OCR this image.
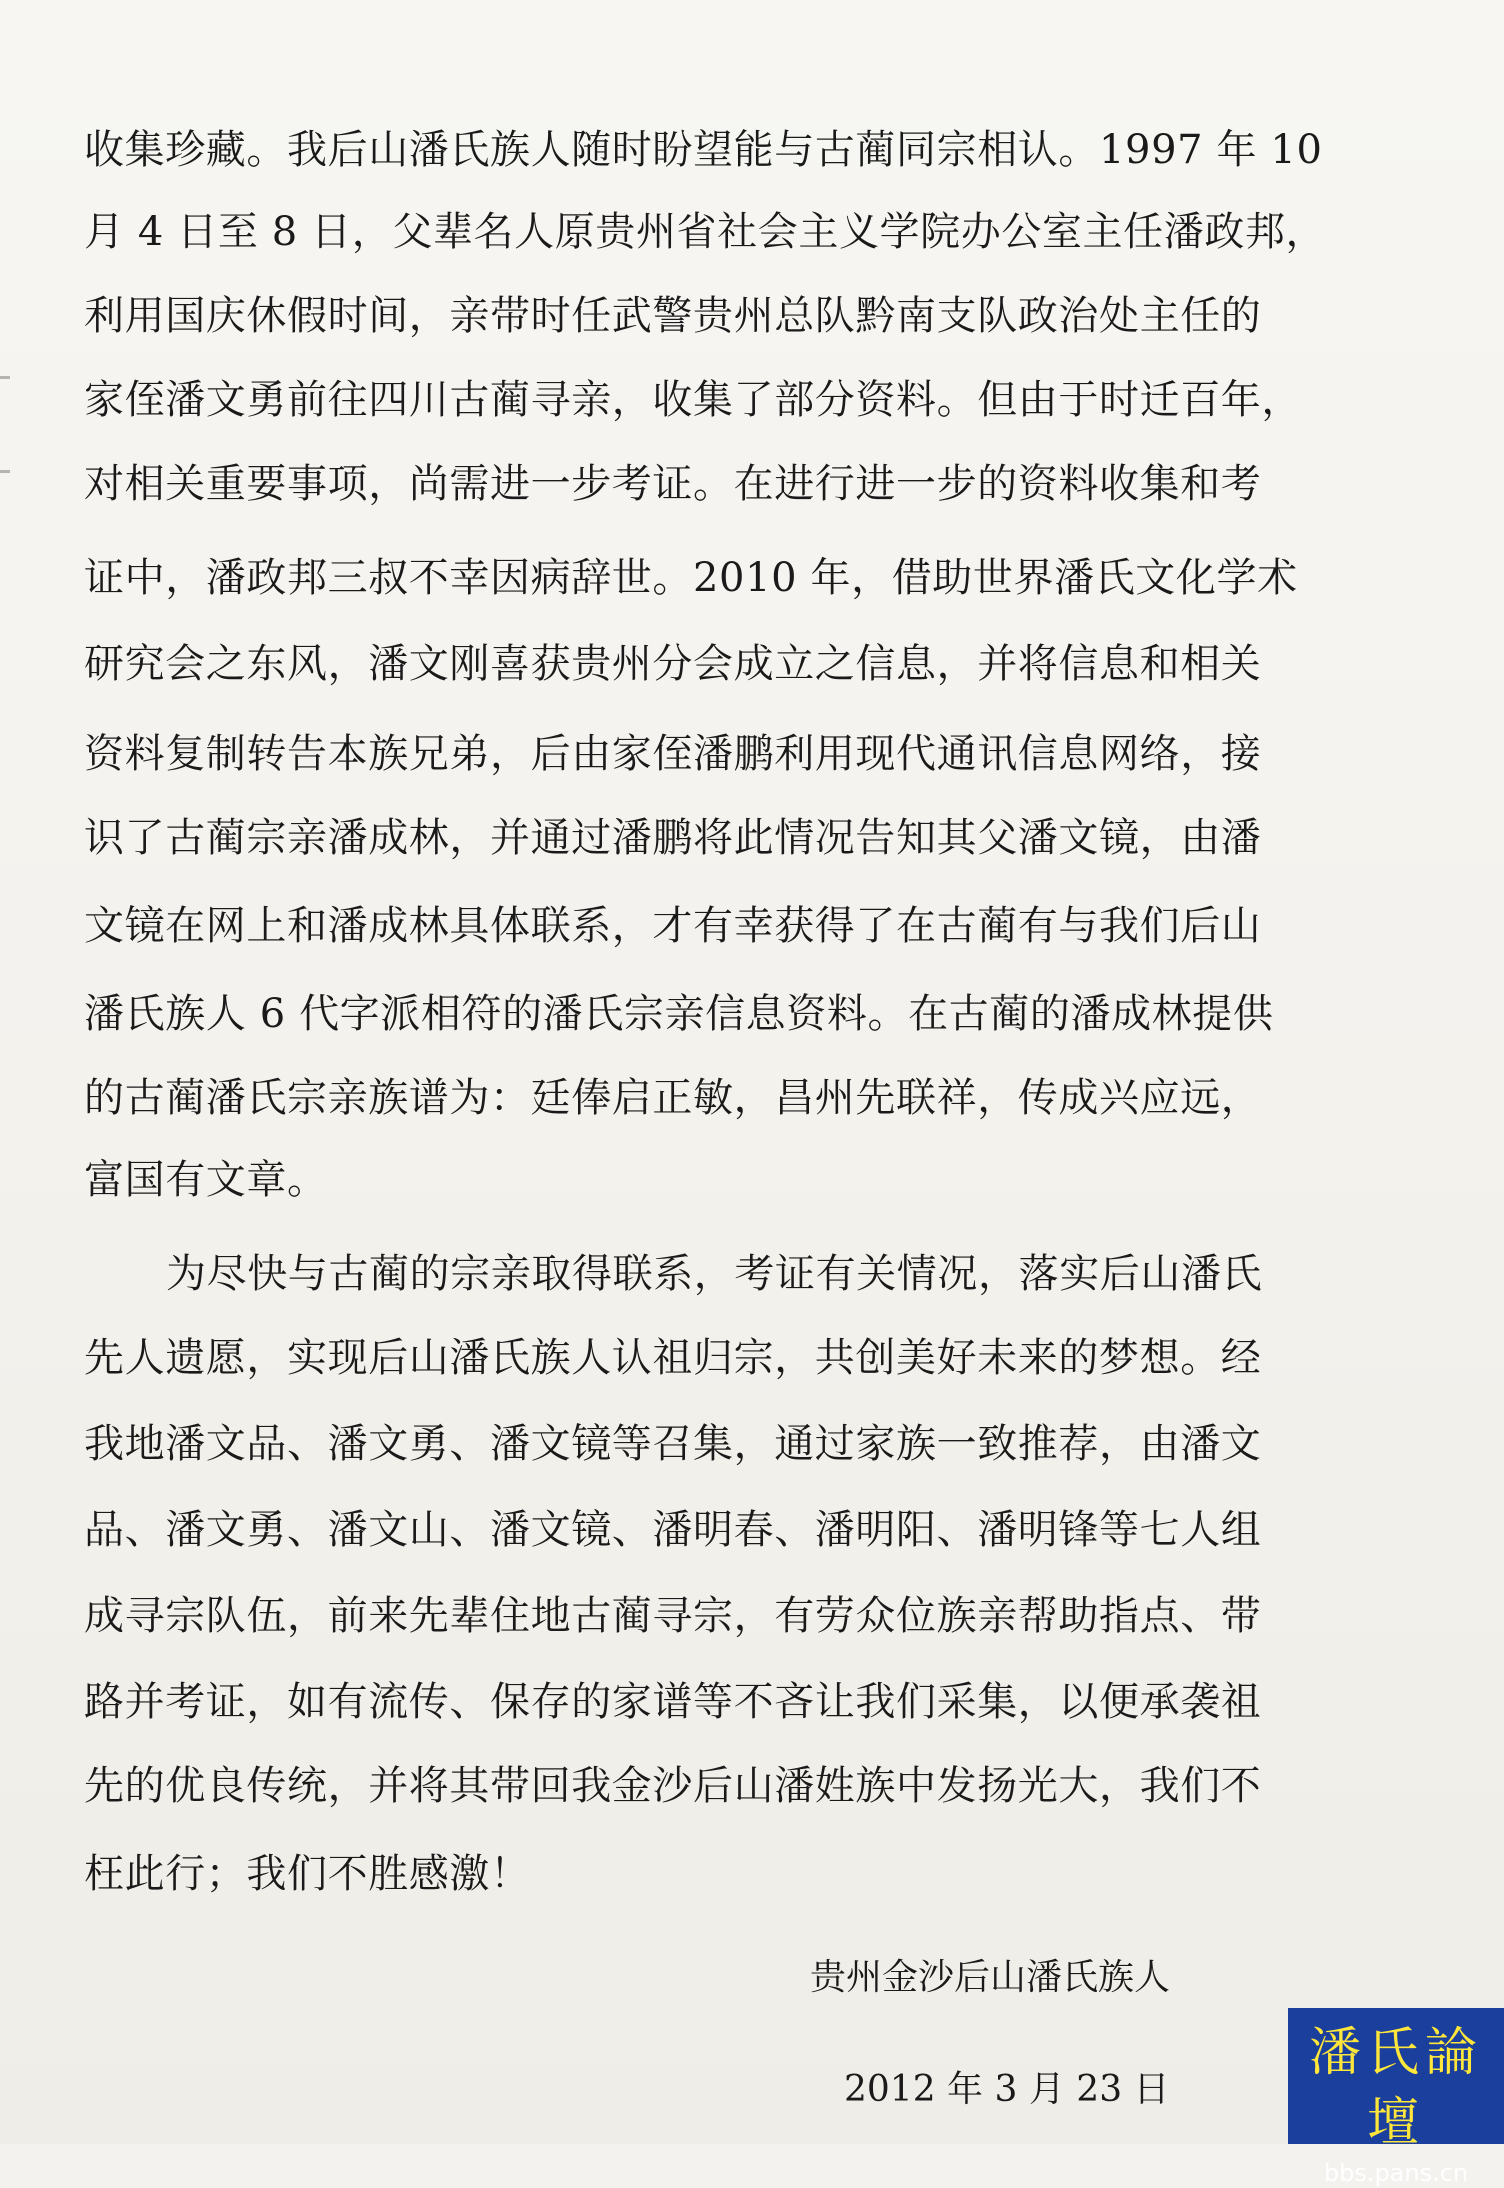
收集珍藏。我后山潘氏族人随时盼望能与古蔺同宗相认。1997 年 10
月 4 日至 8 日，父辈名人原贵州省社会主义学院办公室主任潘政邦，
利用国庆休假时间，亲带时任武警贵州总队黔南支队政治处主任的
家侄潘文勇前往四川古蔺寻亲，收集了部分资料。但由于时迁百年，
对相关重要事项，尚需进一步考证。在进行进一步的资料收集和考
证中，潘政邦三叔不幸因病辞世。2010 年，借助世界潘氏文化学术
研究会之东风，潘文刚喜获贵州分会成立之信息，并将信息和相关
资料复制转告本族兄弟，后由家侄潘鹏利用现代通讯信息网络，接
识了古蔺宗亲潘成林，并通过潘鹏将此情况告知其父潘文镜，由潘
文镜在网上和潘成林具体联系，才有幸获得了在古蔺有与我们后山
潘氏族人 6 代字派相符的潘氏宗亲信息资料。在古蔺的潘成林提供
的古蔺潘氏宗亲族谱为：廷俸启正敏，昌州先联祥，传成兴应远，
富国有文章。
为尽快与古蔺的宗亲取得联系，考证有关情况，落实后山潘氏
先人遗愿，实现后山潘氏族人认祖归宗，共创美好未来的梦想。经
我地潘文品、潘文勇、潘文镜等召集，通过家族一致推荐，由潘文
品、潘文勇、潘文山、潘文镜、潘明春、潘明阳、潘明锋等七人组
成寻宗队伍，前来先辈住地古蔺寻宗，有劳众位族亲帮助指点、带
路并考证，如有流传、保存的家谱等不吝让我们采集，以便承袭祖
先的优良传统，并将其带回我金沙后山潘姓族中发扬光大，我们不
枉此行；我们不胜感激！
贵州金沙后山潘氏族人
2012 年 3 月 23 日
潘氏論壇
bbs.pans.cn
